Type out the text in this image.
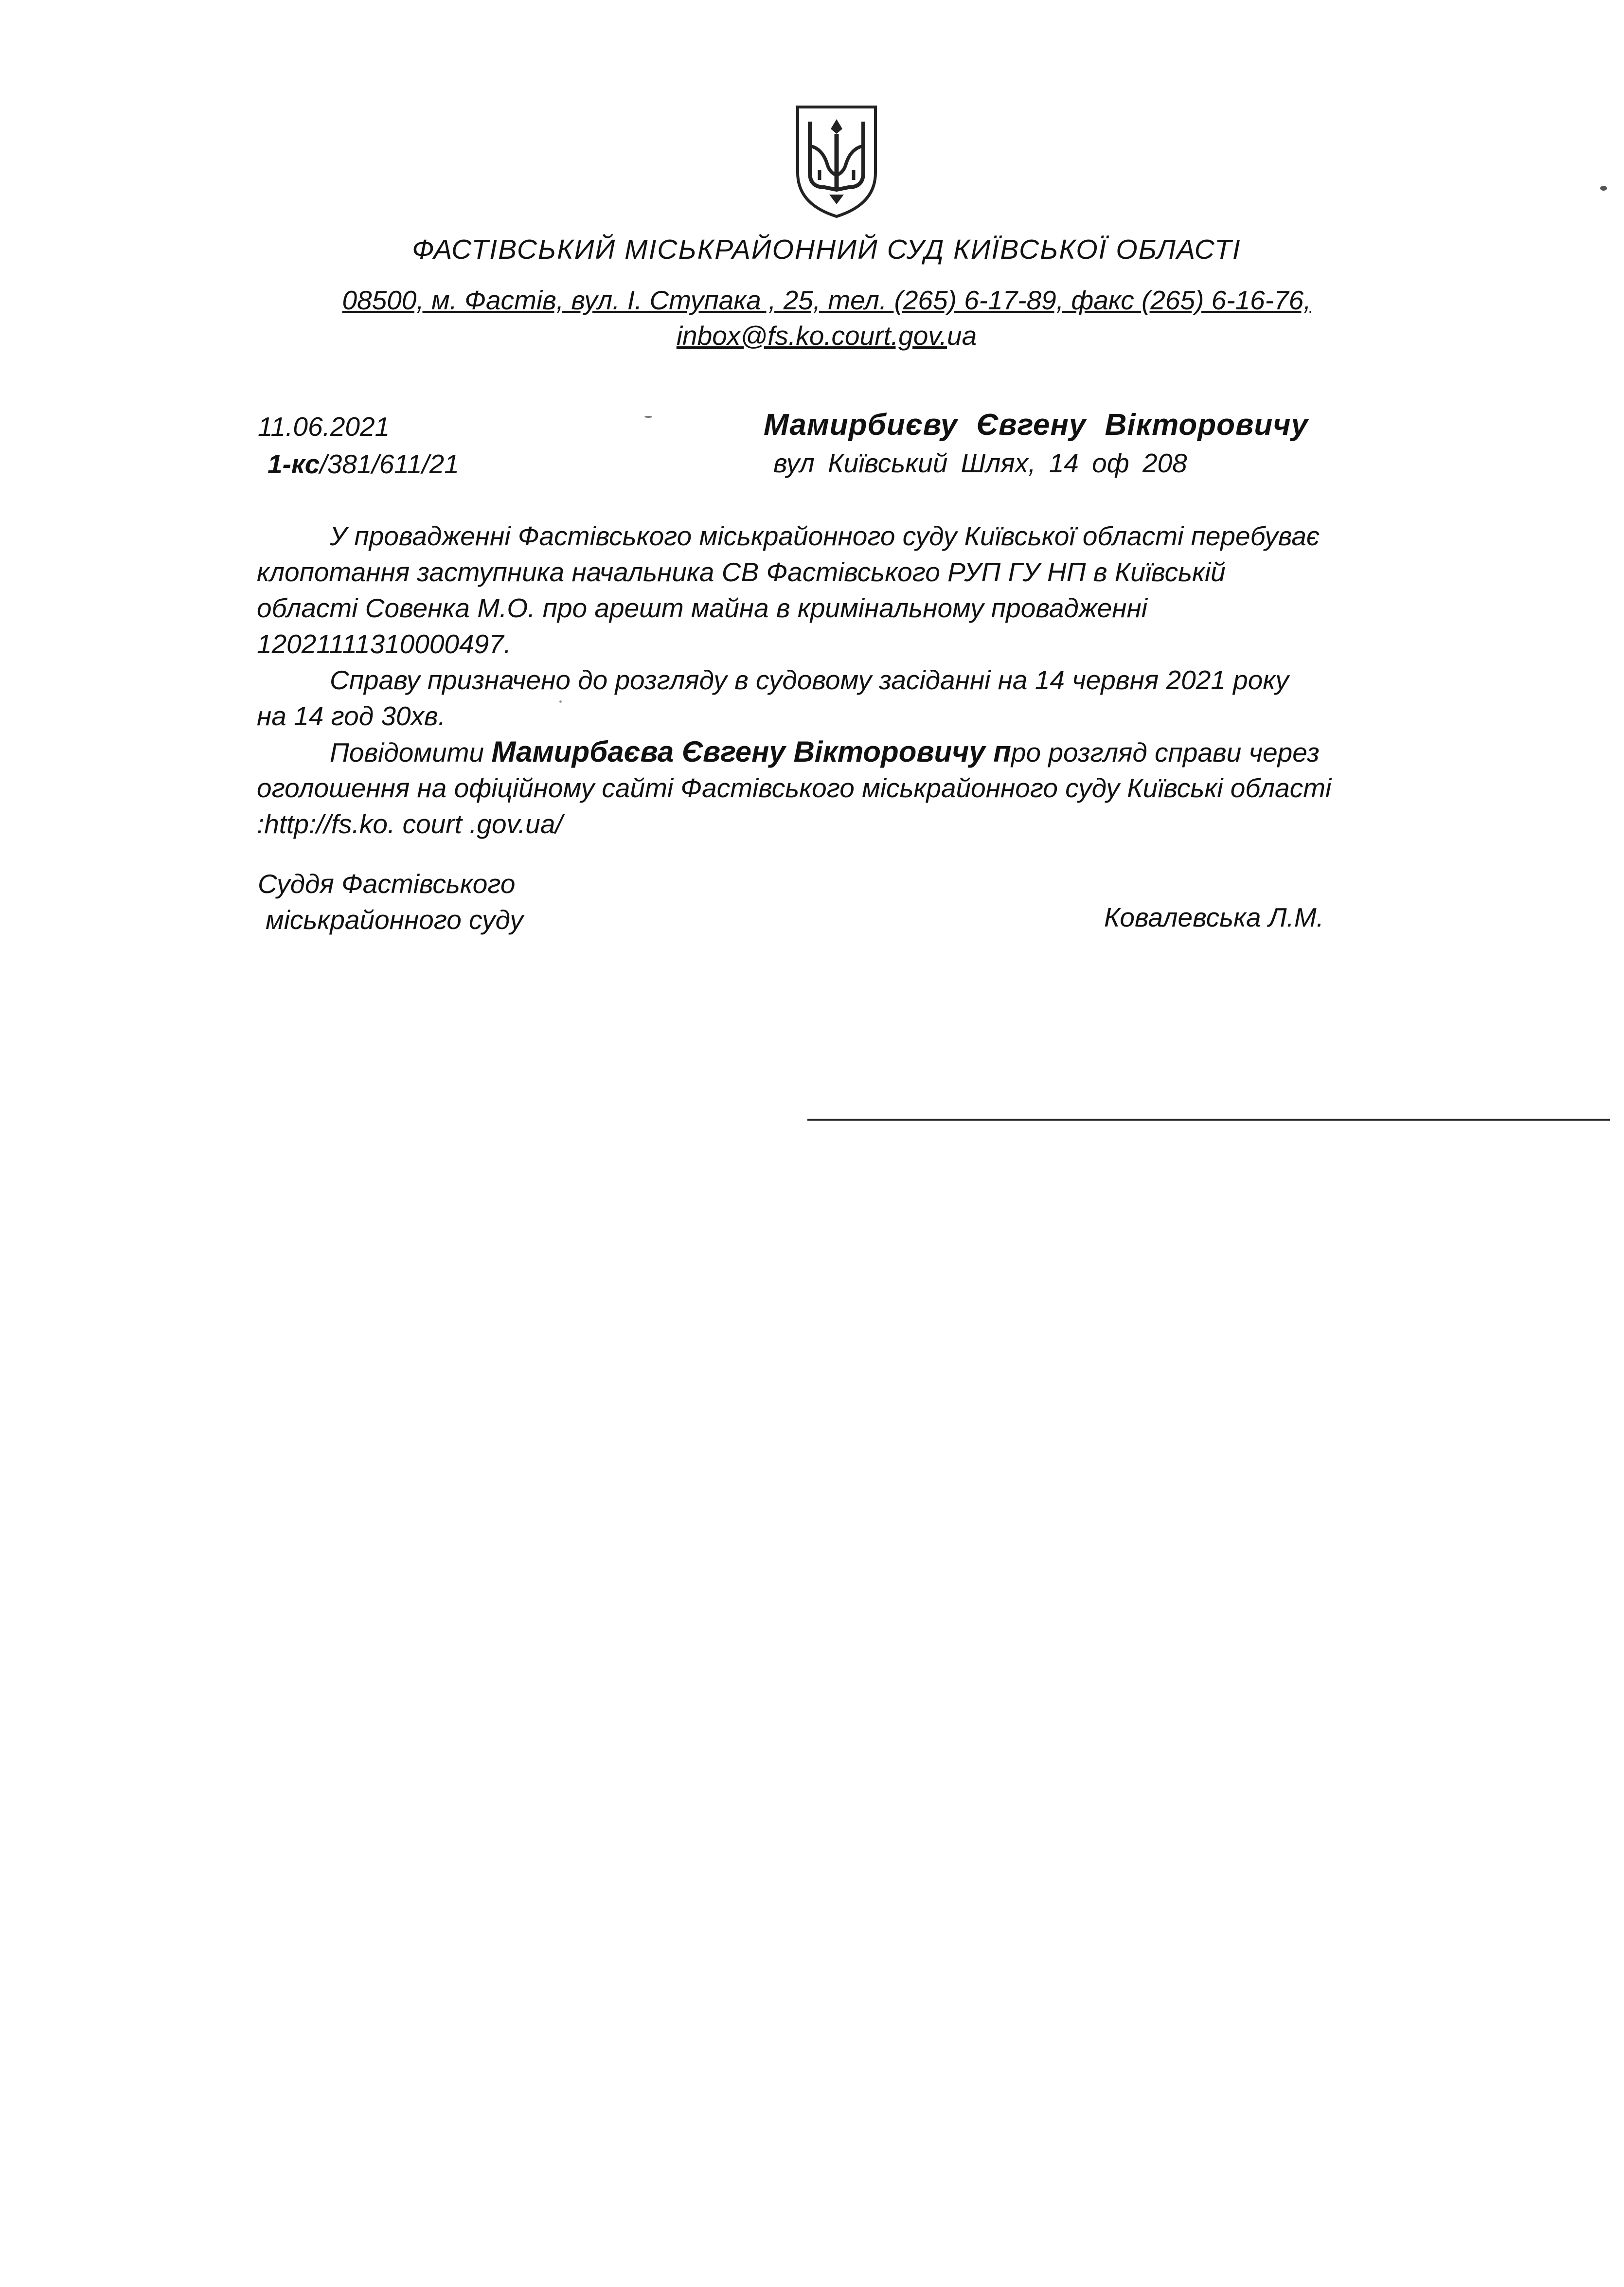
ФАСТІВСЬКИЙ МІСЬКРАЙОННИЙ СУД КИЇВСЬКОЇ ОБЛАСТІ
08500, м. Фастів, вул. І. Ступака , 25, тел. (265) 6-17-89, факс (265) 6-16-76,
inbox@fs.ko.court.gov.ua
11.06.2021
1-кс/381/611/21
Мамирбиєву Євгену Вікторовичу
вул Київський Шлях, 14 оф 208
У провадженні Фастівського міськрайонного суду Київської області перебуває
клопотання заступника начальника СВ Фастівського РУП ГУ НП в Київській
області Совенка М.О. про арешт майна в кримінальному провадженні
12021111310000497.
Справу призначено до розгляду в судовому засіданні на 14 червня 2021 року
на 14 год 30хв.
Повідомити Мамирбаєва Євгену Вікторовичу про розгляд справи через
оголошення на офіційному сайті Фастівського міськрайонного суду Київські області
:http://fs.ko. court .gov.ua/
Суддя Фастівського
міськрайонного суду	Ковалевська Л.М.
